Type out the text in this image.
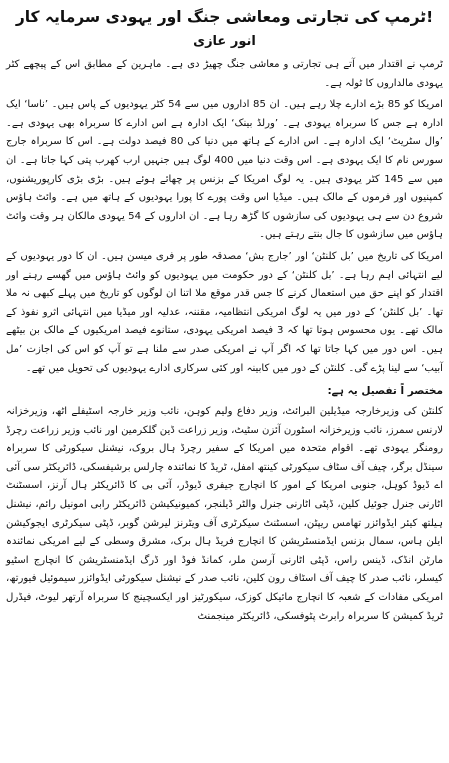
ٹرمپ کی تجارتی ومعاشی جنگ اور یہودی سرمایہ کار!
انور عازی

ٹرمپ نے اقتدار میں آتے ہی تجارتی و معاشی جنگ چھیڑ دی ہے۔ ماہرین کے مطابق اس کے پیچھے کٹر یہودی مالداروں کا ٹولہ ہے۔

امریکا کو 85 بڑے ادارے چلا رہے ہیں۔ ان 85 اداروں میں سے 54 کٹر یہودیوں کے پاس ہیں۔ ’ناسا‘ ایک ادارہ ہے جس کا سربراہ یہودی ہے۔ ’ورلڈ بینک‘ ایک ادارہ ہے اس ادارے کا سربراہ بھی یہودی ہے۔ ’وال سٹریٹ‘ ایک ادارہ ہے۔ اس ادارے کے ہاتھ میں دنیا کی 80 فیصد دولت ہے۔ اس کا سربراہ جارج سورس نام کا ایک یہودی ہے۔ اس وقت دنیا میں 400 لوگ ہیں جنہیں ارب کھرب پتی کہا جاتا ہے۔ ان میں سے 145 کٹر یہودی ہیں۔ یہ لوگ امریکا کے بزنس پر چھائے ہوئے ہیں۔ بڑی بڑی کارپوریشنوں، کمپنیوں اور فرموں کے مالک ہیں۔ میڈیا اس وقت پورے کا پورا یہودیوں کے ہاتھ میں ہے۔ وائٹ ہاؤس شروع دن سے ہی یہودیوں کی سازشوں کا گڑھ رہا ہے۔ ان اداروں کے 54 یہودی مالکان ہر وقت وائٹ ہاؤس میں سازشوں کا جال بنتے رہتے ہیں۔

امریکا کی تاریخ میں ’بل کلنٹن‘ اور ’جارج بش‘ مصدقہ طور پر فری میسن ہیں۔ ان کا دور یہودیوں کے لیے انتہائی اہم رہا ہے۔ ’بل کلنٹن‘ کے دور حکومت میں یہودیوں کو وائٹ ہاؤس میں گھسے رہنے اور اقتدار کو اپنے حق میں استعمال کرنے کا جس قدر موقع ملا اتنا ان لوگوں کو تاریخ میں پہلے کبھی نہ ملا تھا۔ ’بل کلنٹن‘ کے دور میں یہ لوگ امریکی انتظامیہ، مقننہ، عدلیہ اور میڈیا میں انتہائی اثرو نفوذ کے مالک تھے۔ یوں محسوس ہوتا تھا کہ 3 فیصد امریکی یہودی، ستانوے فیصد امریکیوں کے مالک بن بیٹھے ہیں۔ اس دور میں کہا جاتا تھا کہ اگر آپ نے امریکی صدر سے ملنا ہے تو آپ کو اس کی اجازت ’مل آبیب‘ سے لینا پڑے گی۔ کلنٹن کے دور میں کابینہ اور کئی سرکاری ادارے یہودیوں کی تحویل میں تھے۔

مختصر اً تفصیل یہ ہے:

کلنٹن کی وزیرخارجہ میڈیلین البرائٹ، وزیر دفاع ولیم کوہن، نائب وزیر خارجہ اسٹیفلے اٹھ، وزیرخزانہ لارنس سمرز، نائب وزیرخزانہ اسٹورن آئزن سٹیٹ، وزیر زراعت ڈین گلکرمین اور نائب وزیر زراعت رچرڈ رومنگر یہودی تھے۔ اقوام متحدہ میں امریکا کے سفیر رچرڈ ہال بروک، نیشنل سیکورٹی کا سربراہ سینڈل برگر، چیف آف سٹاف سیکورٹی کینتھ امفل، ٹریڈ کا نمائندہ چارلس برشیفسکی، ڈائریکٹر سی آئی اے ڈیوڈ کوہل، جنوبی امریکا کے امور کا انچارج جیفری ڈیوڈر، آئی بی کا ڈائریکٹر ہال آرنز، اسسٹنٹ اٹارنی جنرل جوئیل کلین، ڈپٹی اٹارنی جنرل والٹر ڈیلنجر، کمیونیکیشن ڈائریکٹر رابی امونیل رائم، نیشنل ہیلتھ کیئر ایڈوائزر تھامس ریپٹن، اسسٹنٹ سیکرٹری آف ویٹرنز لیرشن گوبر، ڈپٹی سیکرٹری ایجوکیشن ایلن ہاس، سمال بزنس ایڈمنسٹریشن کا انچارج فریڈ ہال برک، مشرق وسطی کے لیے امریکی نمائندہ مارٹن انڈک، ڈینس راس، ڈپٹی اٹارنی آرسن ملر، کمانڈ فوڈ اور ڈرگ ایڈمنسٹریشن کا انچارج اسٹیو کیسلر، نائب صدر کا چیف آف اسٹاف رون کلین، نائب صدر کے نیشنل سیکورٹی ایڈوائزر سیموئیل فیورتھ، امریکی مفادات کے شعبہ کا انچارج مائیکل کوزک، سیکورٹیز اور ایکسچینج کا سربراہ آرتھر لیوٹ، فیڈرل ٹریڈ کمیشن کا سربراہ رابرٹ پٹوفسکی، ڈائریکٹر مینجمنٹ
